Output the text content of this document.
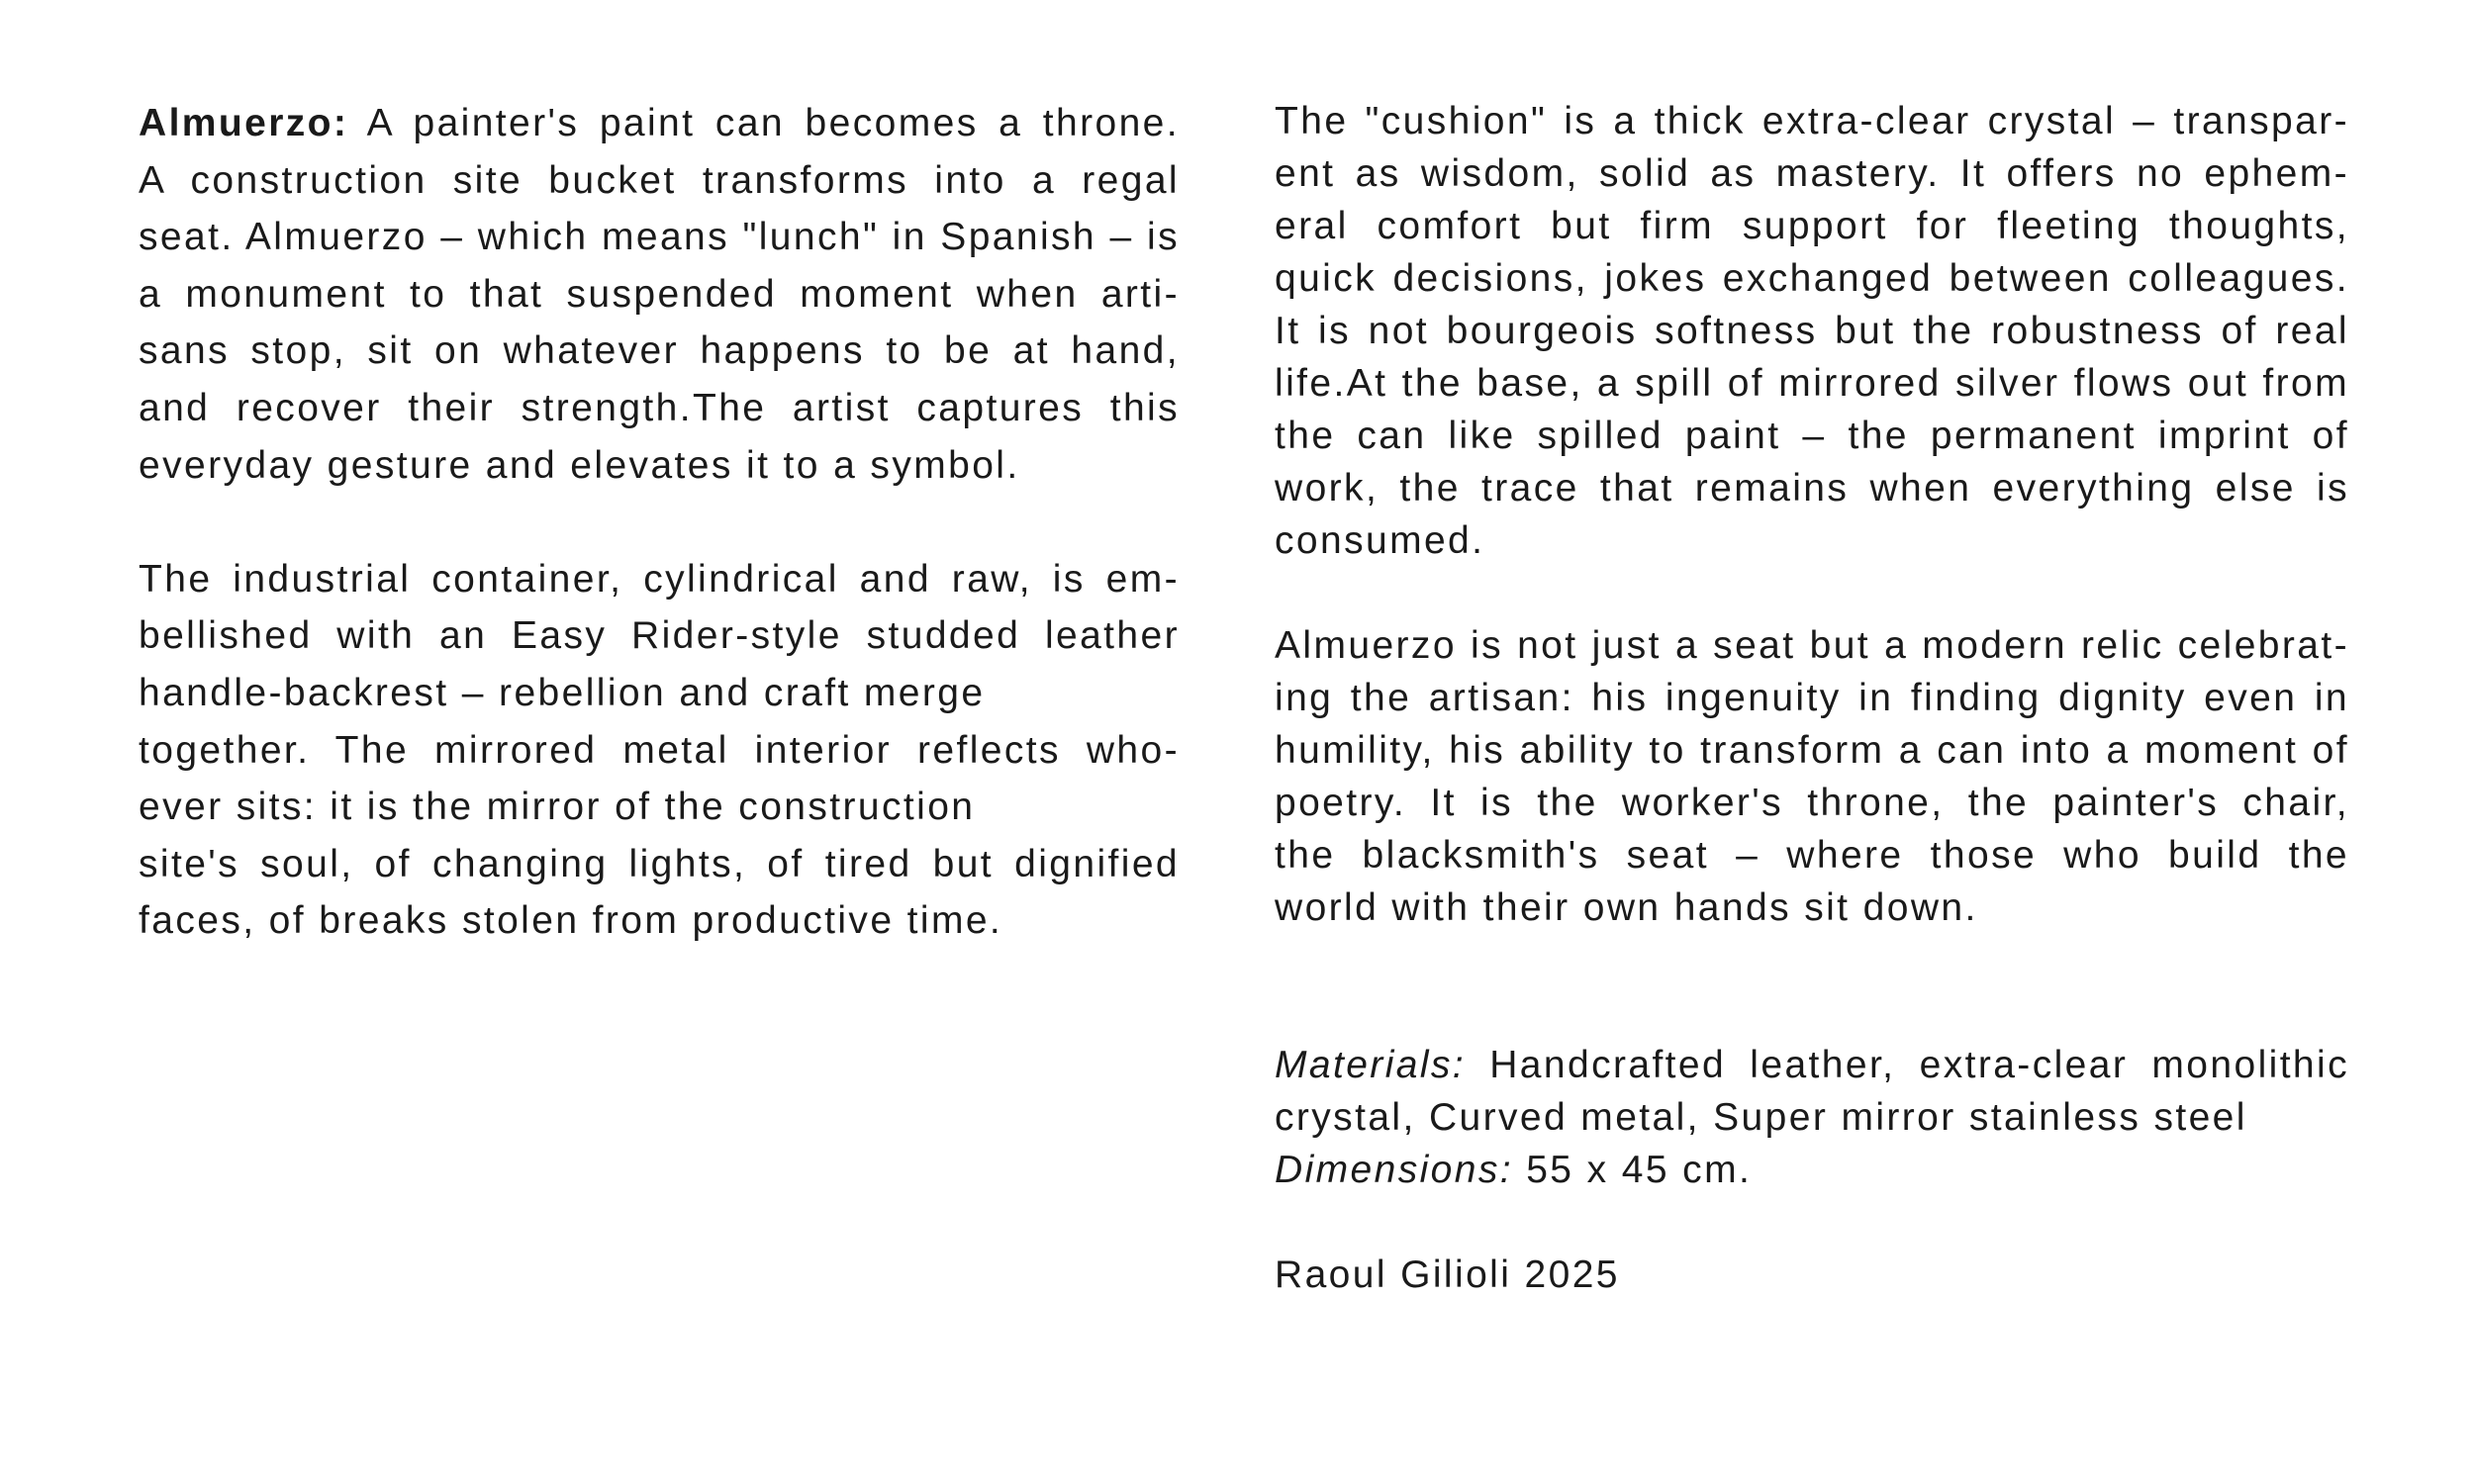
Almuerzo: A painter's paint can becomes a throne.
A construction site bucket transforms into a regal
seat. Almuerzo – which means "lunch" in Spanish – is
a monument to that suspended moment when arti-
sans stop, sit on whatever happens to be at hand,
and recover their strength.The artist captures this
everyday gesture and elevates it to a symbol.
The industrial container, cylindrical and raw, is em-
bellished with an Easy Rider-style studded leather
handle-backrest – rebellion and craft merge
together. The mirrored metal interior reflects who-
ever sits: it is the mirror of the construction
site's soul, of changing lights, of tired but dignified
faces, of breaks stolen from productive time.
The "cushion" is a thick extra-clear crystal – transpar-
ent as wisdom, solid as mastery. It offers no ephem-
eral comfort but firm support for fleeting thoughts,
quick decisions, jokes exchanged between colleagues.
It is not bourgeois softness but the robustness of real
life.At the base, a spill of mirrored silver flows out from
the can like spilled paint – the permanent imprint of
work, the trace that remains when everything else is
consumed.
Almuerzo is not just a seat but a modern relic celebrat-
ing the artisan: his ingenuity in finding dignity even in
humility, his ability to transform a can into a moment of
poetry. It is the worker's throne, the painter's chair,
the blacksmith's seat – where those who build the
world with their own hands sit down.
Materials: Handcrafted leather, extra-clear monolithic
crystal, Curved metal, Super mirror stainless steel
Dimensions: 55 x 45 cm.
Raoul Gilioli 2025
